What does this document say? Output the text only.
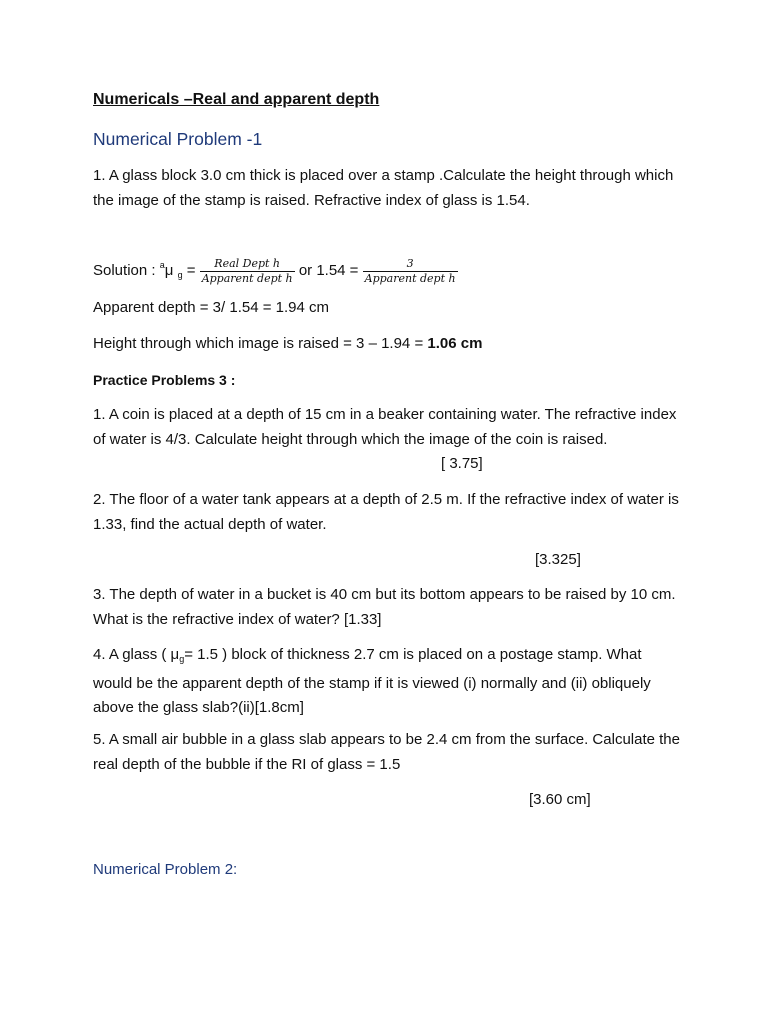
Numericals –Real and apparent depth
Numerical Problem -1
1. A glass block 3.0 cm thick is placed over a stamp .Calculate the height through which the image of the stamp is raised. Refractive index of glass is 1.54.
Solution : $^a$μ $_g = \frac{\text{Real Dept h}}{\text{Apparent dept h}}$ or $1.54 = \frac{3}{\text{Apparent dept h}}$
Apparent depth = 3/ 1.54 = 1.94 cm
Height through which image is raised = 3 – 1.94 = 1.06 cm
Practice Problems 3 :
1. A coin is placed at a depth of 15 cm in a beaker containing water. The refractive index of water is 4/3. Calculate height through which the image of the coin is raised.
[ 3.75]
2. The floor of a water tank appears at a depth of 2.5 m. If the refractive index of water is 1.33, find the actual depth of water.
[3.325]
3. The depth of water in a bucket is 40 cm but its bottom appears to be raised by 10 cm. What is the refractive index of water? [1.33]
4. A glass ( $\mu_g= 1.5$ ) block of thickness 2.7 cm is placed on a postage stamp. What would be the apparent depth of the stamp if it is viewed (i) normally and (ii) obliquely above the glass slab?(ii)[1.8cm]
5. A small air bubble in a glass slab appears to be 2.4 cm from the surface. Calculate the real depth of the bubble if the RI of glass = 1.5
[3.60 cm]
Numerical Problem 2:
